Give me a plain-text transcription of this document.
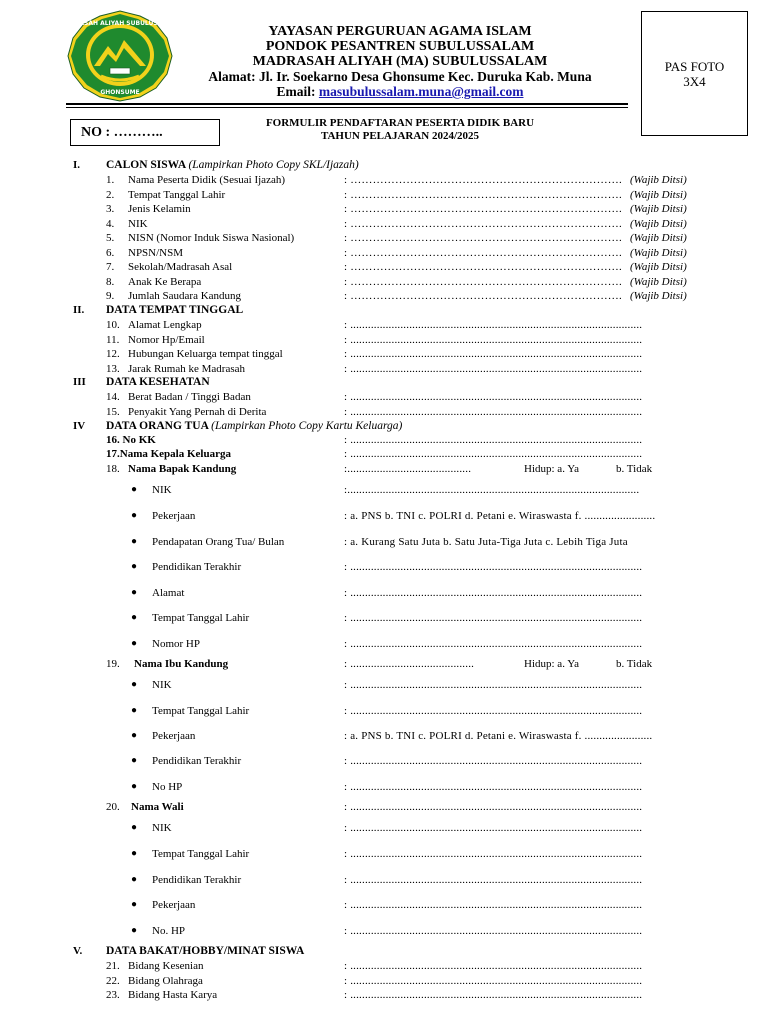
MADRASAH ALIYAH SUBULUSSALAM
GHONSUME
YAYASAN PERGURUAN AGAMA ISLAM
PONDOK PESANTREN SUBULUSSALAM
MADRASAH ALIYAH (MA) SUBULUSSALAM
Alamat: Jl. Ir. Soekarno Desa Ghonsume Kec. Duruka Kab. Muna
Email: masubulussalam.muna@gmail.com
PAS FOTO
3X4
NO : ………..
FORMULIR PENDAFTARAN PESERTA DIDIK BARU
TAHUN PELAJARAN 2024/2025
I. CALON SISWA (Lampirkan Photo Copy SKL/Ijazah)
1. Nama Peserta Didik (Sesuai Ijazah)	: ………………………………………………………………. (Wajib Ditsi)
2. Tempat Tanggal Lahir	: ………………………………………………………………. (Wajib Ditsi)
3. Jenis Kelamin	: ………………………………………………………………. (Wajib Ditsi)
4. NIK	: ………………………………………………………………. (Wajib Ditsi)
5. NISN (Nomor Induk Siswa Nasional)	: ………………………………………………………………. (Wajib Ditsi)
6. NPSN/NSM	: ………………………………………………………………. (Wajib Ditsi)
7. Sekolah/Madrasah Asal	: ………………………………………………………………. (Wajib Ditsi)
8. Anak Ke Berapa	: ………………………………………………………………. (Wajib Ditsi)
9. Jumlah Saudara Kandung	: ………………………………………………………………. (Wajib Ditsi)
II. DATA TEMPAT TINGGAL
10. Alamat Lengkap	: ...................................................................................................
11. Nomor Hp/Email	: ...................................................................................................
12. Hubungan Keluarga tempat tinggal	: ...................................................................................................
13. Jarak Rumah ke Madrasah	: ...................................................................................................
III DATA KESEHATAN
14. Berat Badan / Tinggi Badan	: ...................................................................................................
15. Penyakit Yang Pernah di Derita	: ...................................................................................................
IV DATA ORANG TUA (Lampirkan Photo Copy Kartu Keluarga)
16. No KK	: ...................................................................................................
17.Nama Kepala Keluarga	: ...................................................................................................
18. Nama Bapak Kandung	:..........................................	Hidup: a. Ya	b. Tidak
● NIK	:...................................................................................................
● Pekerjaan	: a. PNS b. TNI c. POLRI d. Petani e. Wiraswasta f. ........................
● Pendapatan Orang Tua/ Bulan	: a. Kurang Satu Juta b. Satu Juta-Tiga Juta c. Lebih Tiga Juta
● Pendidikan Terakhir	: ...................................................................................................
● Alamat	: ...................................................................................................
● Tempat Tanggal Lahir	: ...................................................................................................
● Nomor HP	: ...................................................................................................
19. Nama Ibu Kandung	: ..........................................	Hidup: a. Ya	b. Tidak
● NIK	: ...................................................................................................
● Tempat Tanggal Lahir	: ...................................................................................................
● Pekerjaan	: a. PNS b. TNI c. POLRI d. Petani e. Wiraswasta f. .......................
● Pendidikan Terakhir	: ...................................................................................................
● No HP	: ...................................................................................................
20. Nama Wali	: ...................................................................................................
● NIK	: ...................................................................................................
● Tempat Tanggal Lahir	: ...................................................................................................
● Pendidikan Terakhir	: ...................................................................................................
● Pekerjaan	: ...................................................................................................
● No. HP	: ...................................................................................................
V. DATA BAKAT/HOBBY/MINAT SISWA
21. Bidang Kesenian	: ...................................................................................................
22. Bidang Olahraga	: ...................................................................................................
23. Bidang Hasta Karya	: ...................................................................................................
